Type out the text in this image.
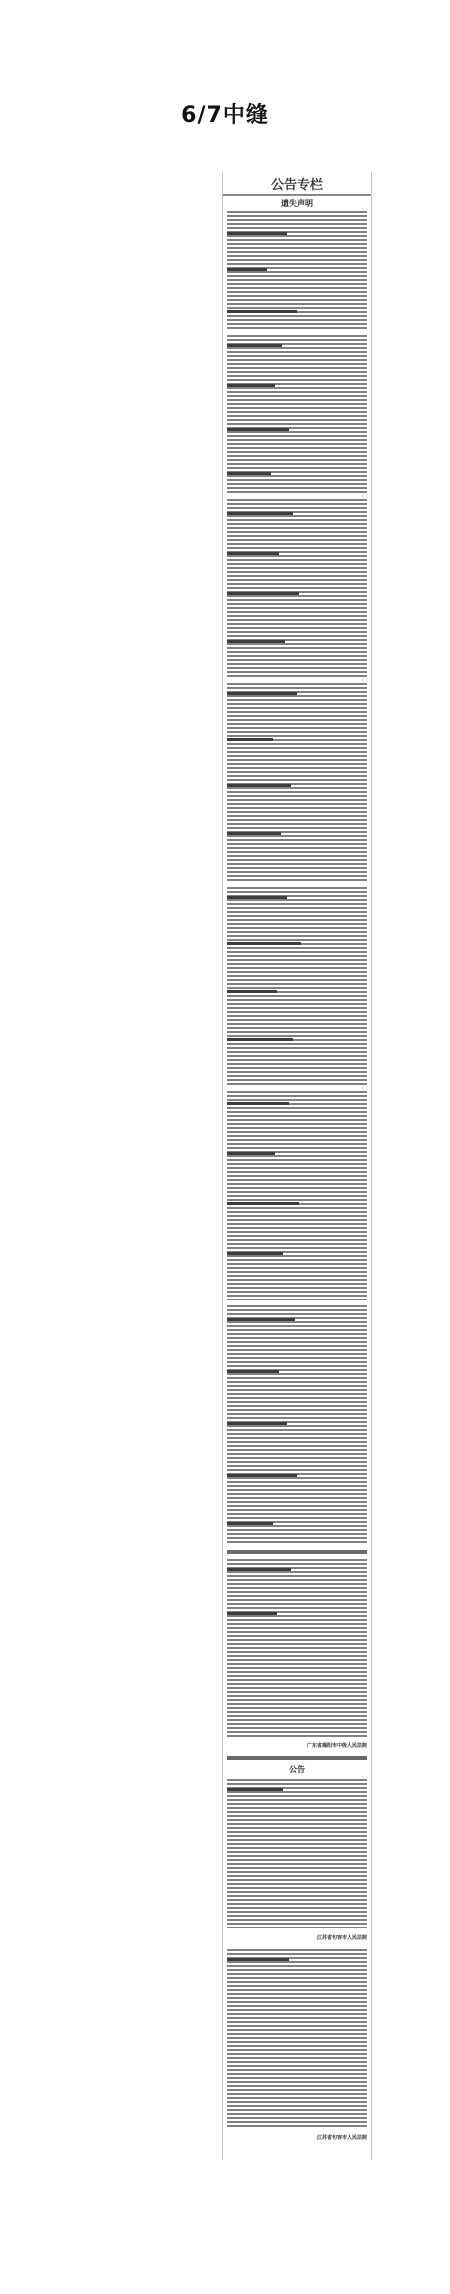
6/7中缝
公告专栏
遗失声明
广东省揭阳市中级人民法院
公告
江苏省句容市人民法院
江苏省句容市人民法院
